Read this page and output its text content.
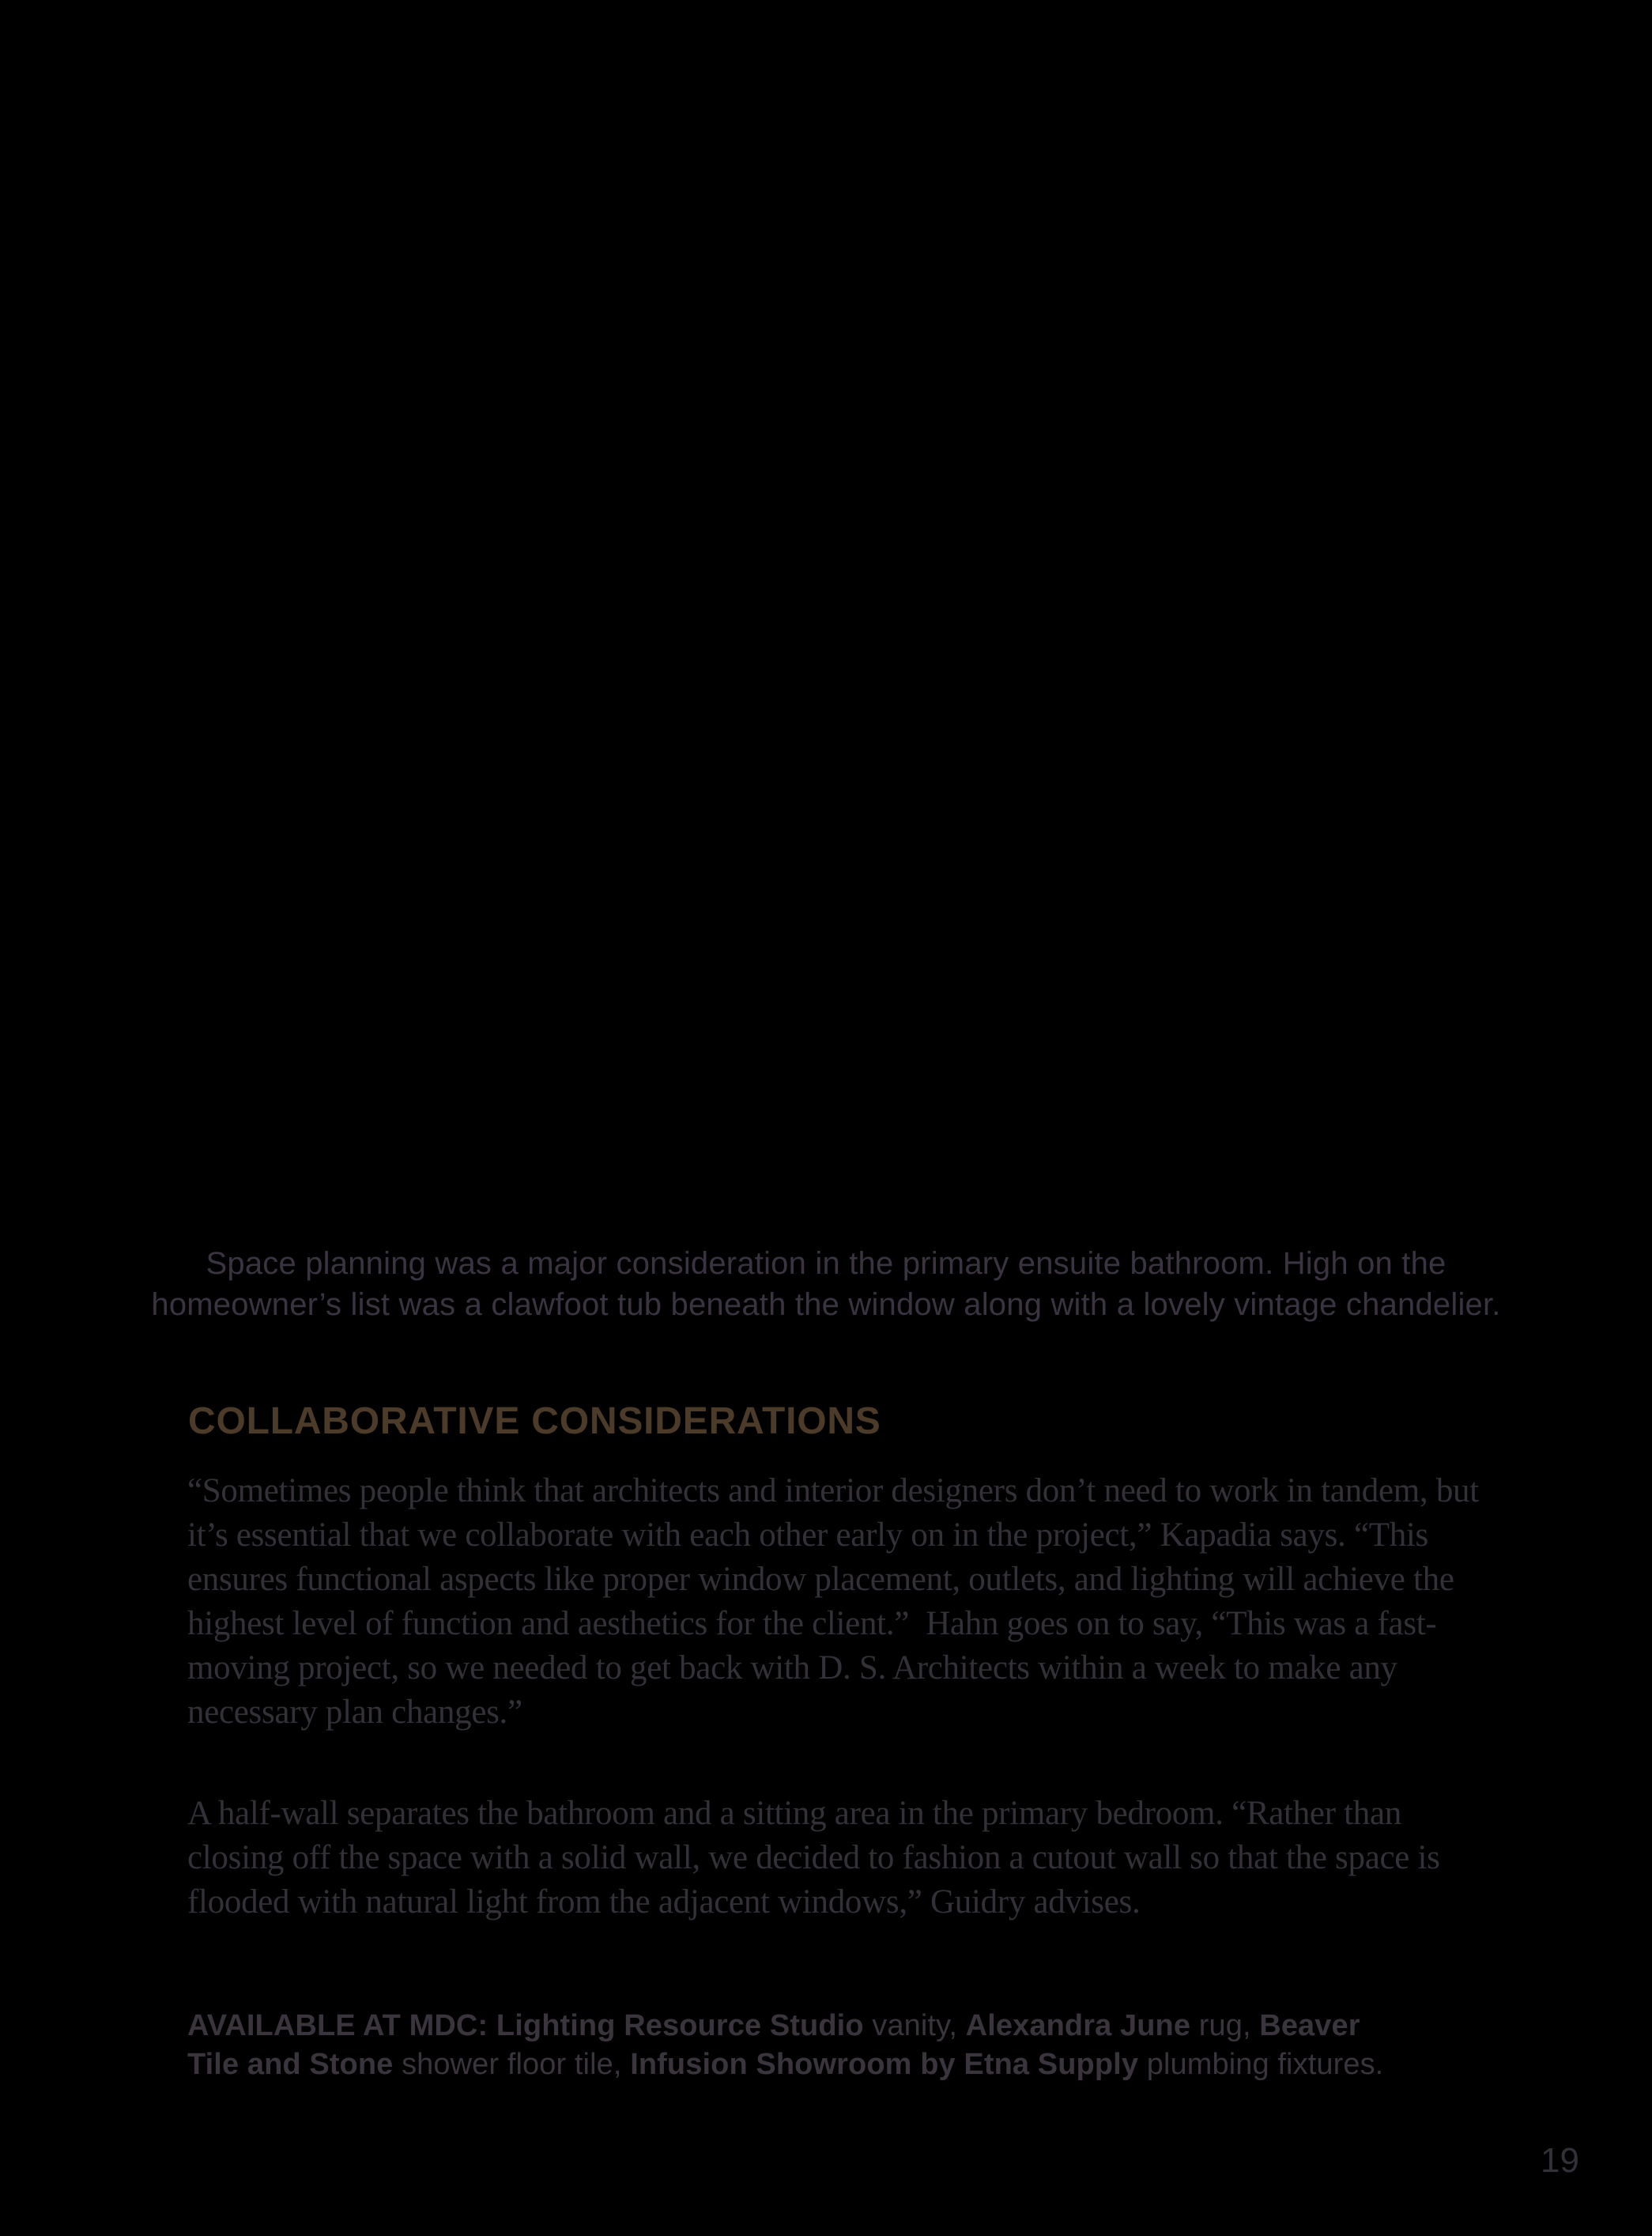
Space planning was a major consideration in the primary ensuite bathroom. High on the
homeowner’s list was a clawfoot tub beneath the window along with a lovely vintage chandelier.
COLLABORATIVE CONSIDERATIONS

“Sometimes people think that architects and interior designers don’t need to work in tandem, but it’s essential that we collaborate with each other early on in the project,” Kapadia says. “This ensures functional aspects like proper window placement, outlets, and lighting will achieve the highest level of function and aesthetics for the client.” Hahn goes on to say, “This was a fast-moving project, so we needed to get back with D. S. Architects within a week to make any necessary plan changes.”

A half-wall separates the bathroom and a sitting area in the primary bedroom. “Rather than closing off the space with a solid wall, we decided to fashion a cutout wall so that the space is flooded with natural light from the adjacent windows,” Guidry advises.

AVAILABLE AT MDC: Lighting Resource Studio vanity, Alexandra June rug, Beaver
Tile and Stone shower floor tile, Infusion Showroom by Etna Supply plumbing fixtures.
19
